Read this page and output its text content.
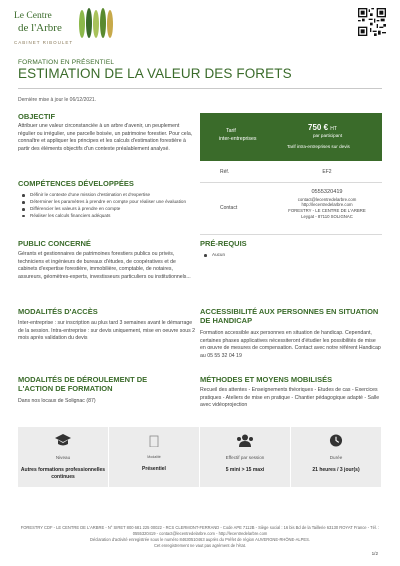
Le Centre
de l'Arbre
CABINET RIBOULET
FORMATION EN PRÉSENTIEL
ESTIMATION DE LA VALEUR DES FORETS
Dernière mise à jour le 06/12/2021.
OBJECTIF
Attribuer une valeur circonstanciée à un arbre d'avenir, un peuplement régulier ou irrégulier, une parcelle boisée, un patrimoine forestier. Pour cela, connaître et appliquer les principes et les calculs d'estimation forestière à partir des éléments objectifs d'un contexte préalablement analysé.
COMPÉTENCES DÉVELOPPÉES
Définir le contexte d'une mission d'estimation et d'expertise
Déterminer les paramètres à prendre en compte pour réaliser une évaluation
Différencier les valeurs à prendre en compte
Réaliser les calculs financiers adéquats
Tarif
inter-entreprises
750 € HT
par participant
Tarif intra-entreprises sur devis
Réf.	EF2
Contact
0555320419
contact@lecentredelarbre.com
http://lecentredelarbre.com
FORESTRY - LE CENTRE DE L'ARBRE
Leygat - 87110 SOLIGNAC
PUBLIC CONCERNÉ
Gérants et gestionnaires de patrimoines forestiers publics ou privés, techniciens et ingénieurs de bureaux d'études, de coopératives et de cabinets d'expertise forestière, immobilière, comptable, de notaires, assureurs, géomètres-experts, investisseurs particuliers ou institutionnels...
PRÉ-REQUIS
Aucun
MODALITÉS D'ACCÈS
Inter-entreprise : sur inscription au plus tard 3 semaines avant le démarrage de la session. Intra-entreprise : sur devis uniquement, mise en oeuvre sous 2 mois après validation du devis
ACCESSIBILITÉ AUX PERSONNES EN SITUATION DE HANDICAP
Formation accessible aux personnes en situation de handicap. Cependant, certaines phases applicatives nécessiteront d'étudier les possibilités de mise en œuvre de mesures de compensation. Contact avec notre référent Handicap au 05 55 32 04 19
MODALITÉS DE DÉROULEMENT DE L'ACTION DE FORMATION
Dans nos locaux de Solignac (87)
MÉTHODES ET MOYENS MOBILISÉS
Recueil des attentes - Enseignements théoriques - Etudes de cas - Exercices pratiques - Ateliers de mise en pratique - Chantier pédagogique adapté - Salle avec vidéoprojection
Niveau
Autres formations professionnelles continues
Modalité
Présentiel
Effectif par session
5 mini > 15 maxi
Durée
21 heures / 3 jour(s)
FORESTRY CDF - LE CENTRE DE L'ARBRE - N° SIRET 800 681 225 00022 - RCS CLERMONT-FERRAND - Code APE 7112B - Siège social : 16 bis Bd de la Taillerie 63130 ROYAT France - Tél. : 0555320419 - contact@lecentredelarbre.com - http://lecentredelarbre.com
Déclaration d'activité enregistrée sous le numéro 84630510463 auprès du Préfet de région AUVERGNE-RHÔNE-ALPES.
Cet enregistrement ne vaut pas agrément de l'état.
1/2
